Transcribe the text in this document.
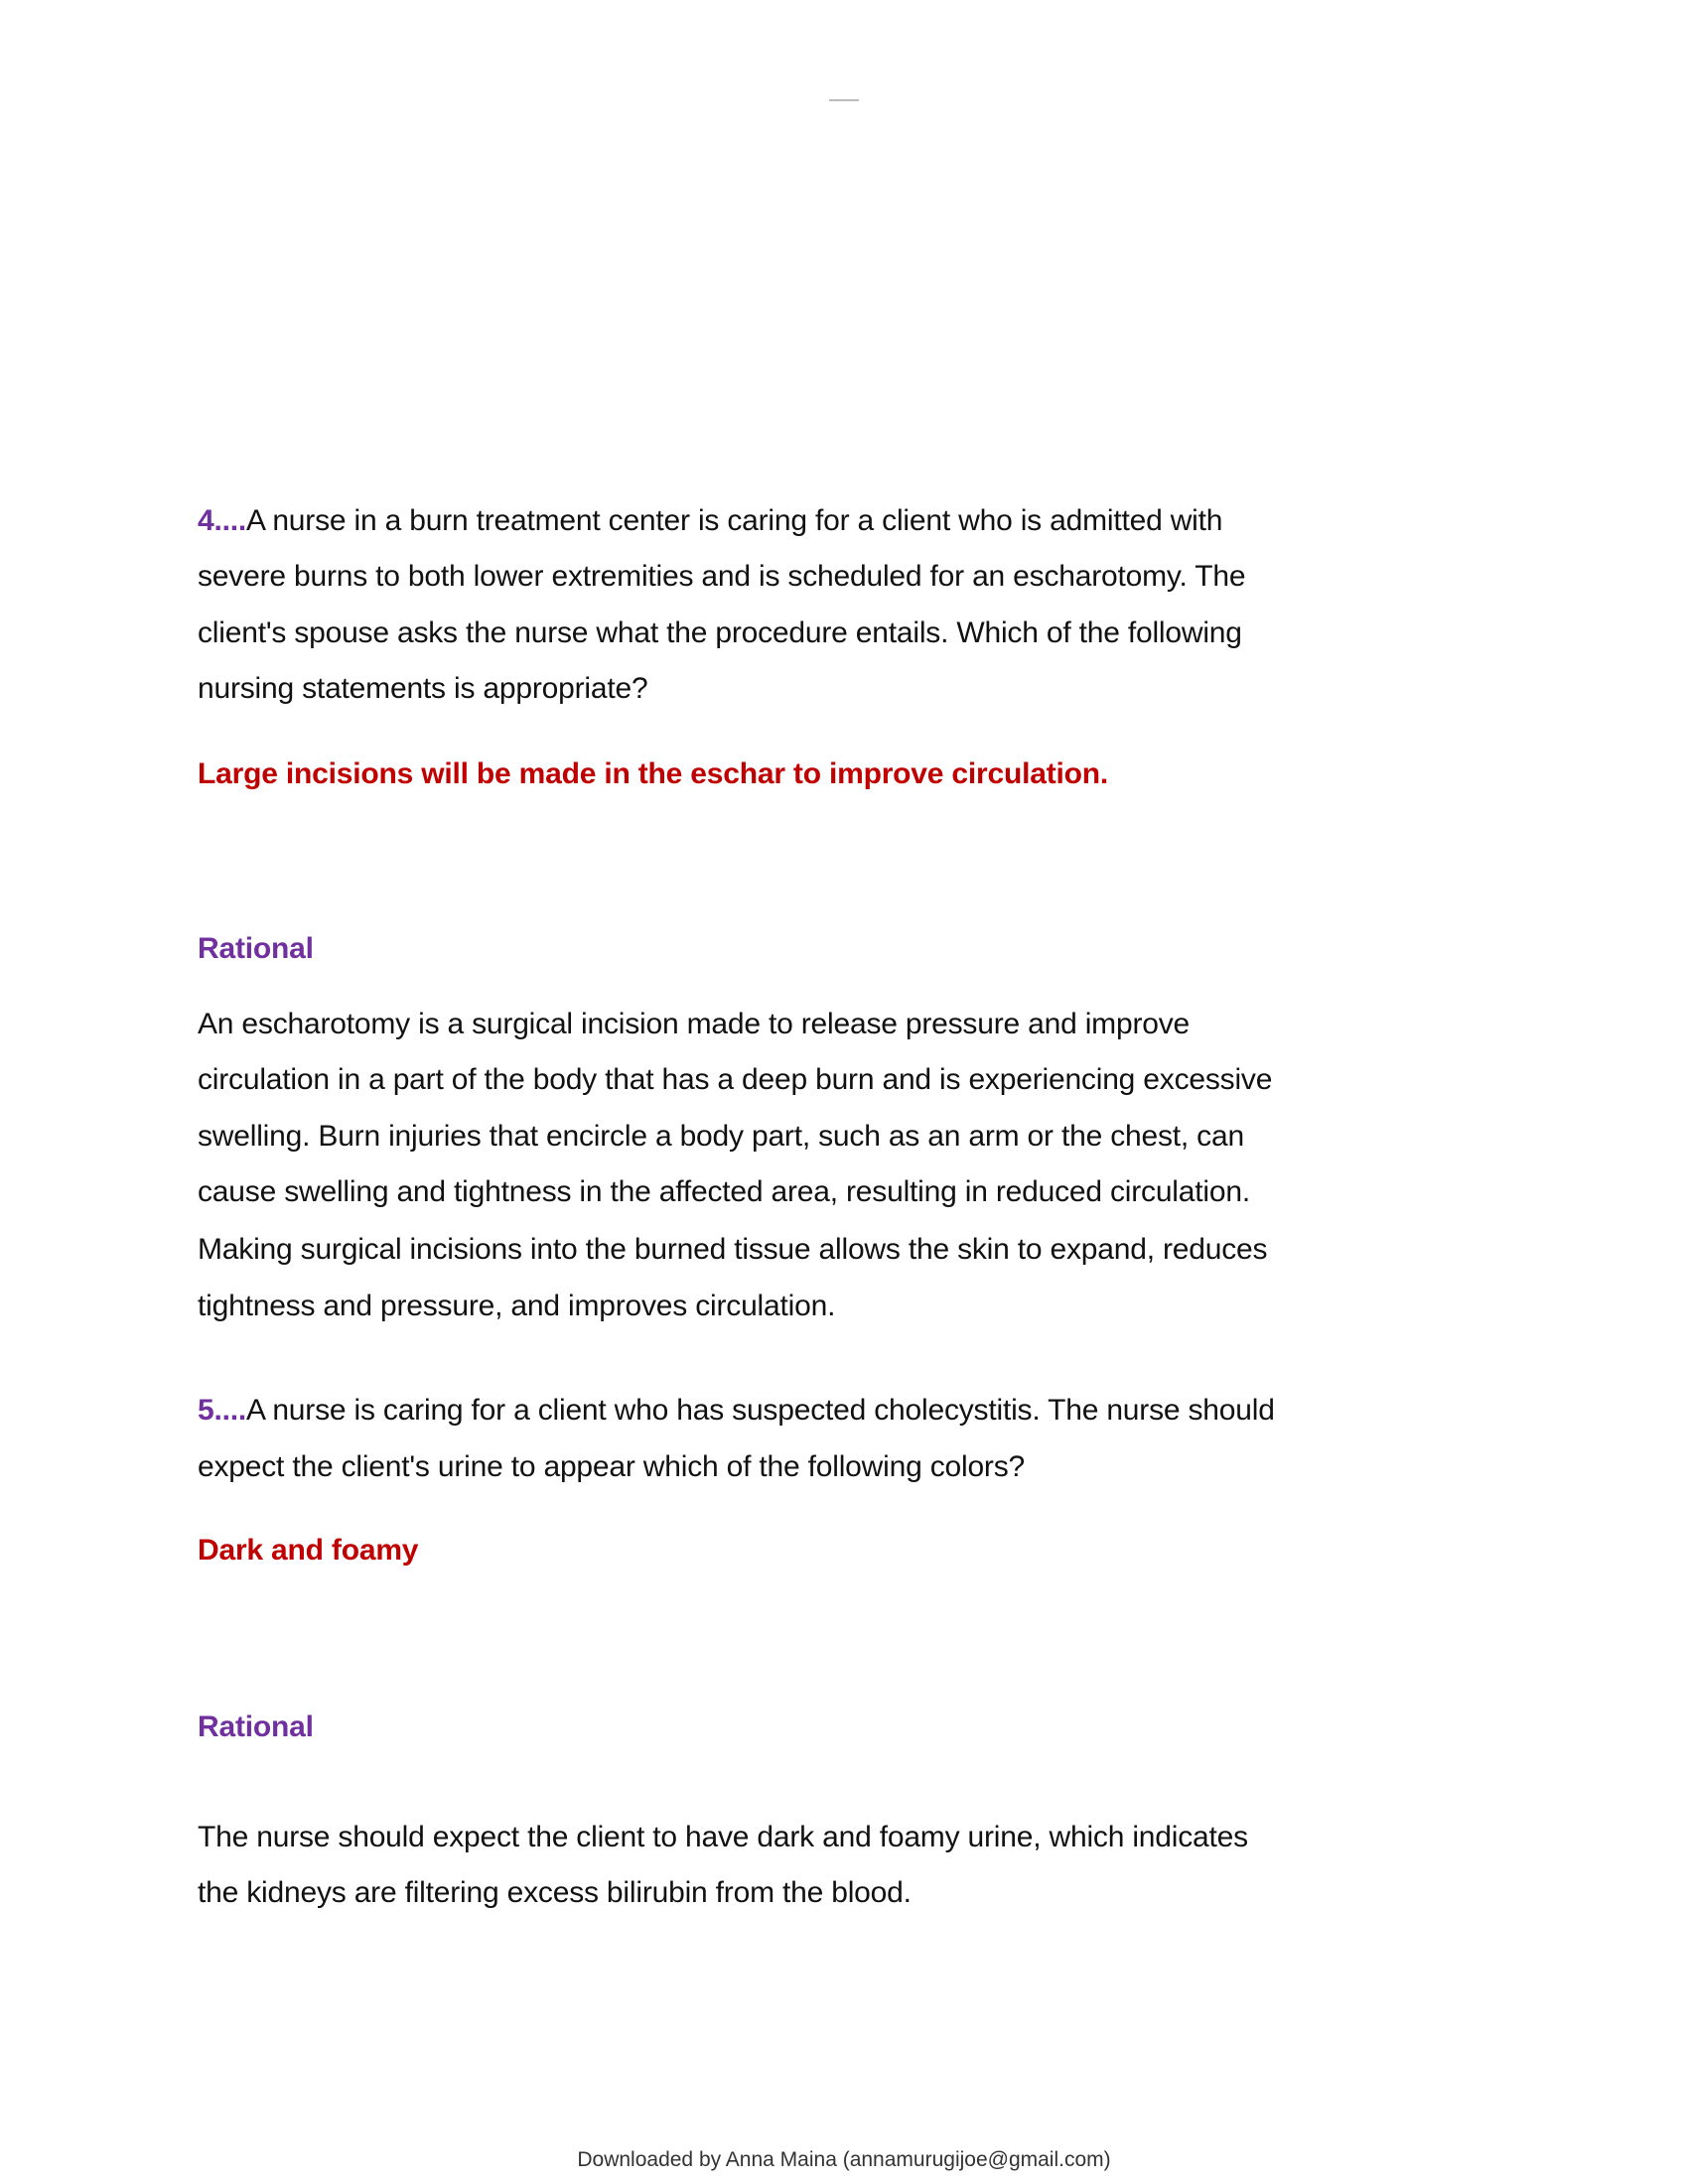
4....A nurse in a burn treatment center is caring for a client who is admitted with
severe burns to both lower extremities and is scheduled for an escharotomy. The
client's spouse asks the nurse what the procedure entails. Which of the following
nursing statements is appropriate?
Large incisions will be made in the eschar to improve circulation.
Rational
An escharotomy is a surgical incision made to release pressure and improve
circulation in a part of the body that has a deep burn and is experiencing excessive
swelling. Burn injuries that encircle a body part, such as an arm or the chest, can
cause swelling and tightness in the affected area, resulting in reduced circulation.
Making surgical incisions into the burned tissue allows the skin to expand, reduces
tightness and pressure, and improves circulation.
5....A nurse is caring for a client who has suspected cholecystitis. The nurse should
expect the client's urine to appear which of the following colors?
Dark and foamy
Rational
The nurse should expect the client to have dark and foamy urine, which indicates
the kidneys are filtering excess bilirubin from the blood.
Downloaded by Anna Maina (annamurugijoe@gmail.com)
